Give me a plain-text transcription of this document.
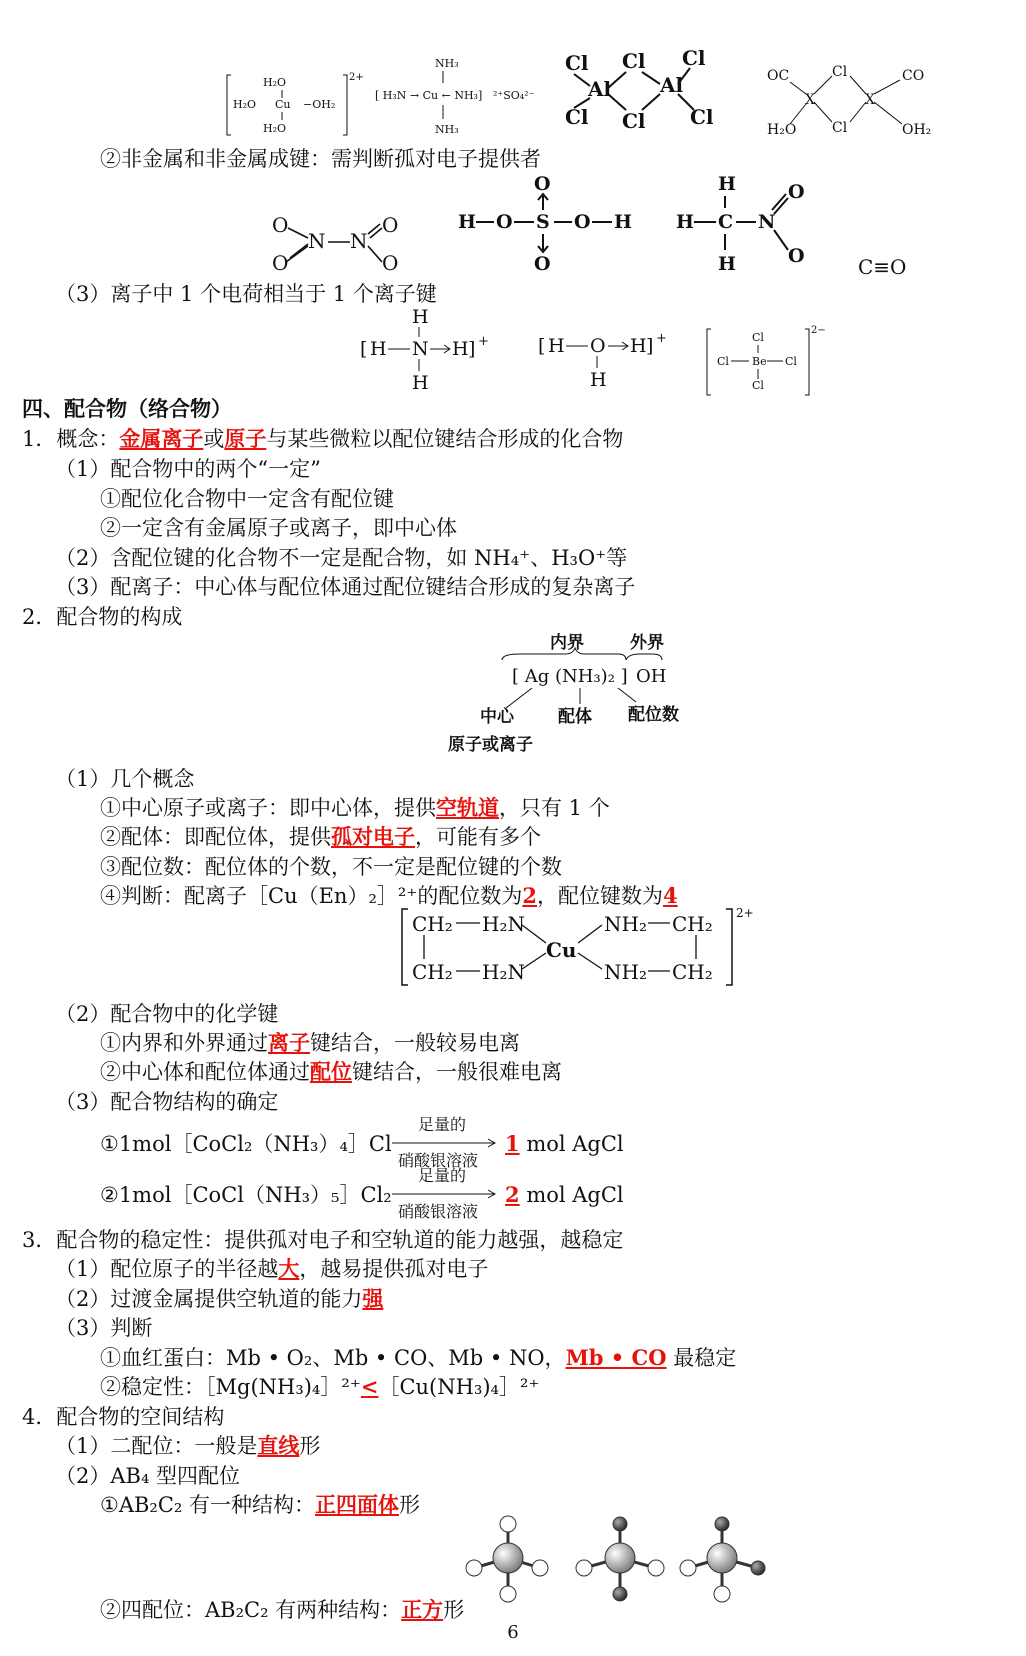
H₂O
H₂O Cu −OH₂
H₂O
2+
NH₃
[ H₃N → Cu ← NH₃] ²⁺SO₄²⁻
NH₃
Cl Cl Cl
Al Al
Cl Cl Cl
OC	Cl	CO
X	X
H₂O	Cl	OH₂
②非金属和非金属成键：需判断孤对电子提供者
O
N N
O
O	O
O
H O S O H
O
H
H C N
O
O
H	C≡O
（3）离子中 1 个电荷相当于 1 个离子键
H
[ H N H ] +
H
[ H O H ] +
H
Cl
Cl Be Cl
Cl
2−
四、配合物（络合物）
1．概念：金属离子或原子与某些微粒以配位键结合形成的化合物
（1）配合物中的两个“一定”
①配位化合物中一定含有配位键
②一定含有金属原子或离子，即中心体
（2）含配位键的化合物不一定是配合物，如 NH₄⁺、H₃O⁺等
（3）配离子：中心体与配位体通过配位键结合形成的复杂离子
2．配合物的构成
内界	外界
中心
原子或离子
配体 配位数
[ Ag (NH₃)₂ ] OH
（1）几个概念
①中心原子或离子：即中心体，提供空轨道，只有 1 个
②配体：即配位体，提供孤对电子，可能有多个
③配位数：配位体的个数，不一定是配位键的个数
④判断：配离子［Cu（En）₂］²⁺的配位数为2，配位键数为4
CH₂ H₂N
CH₂ H₂N
Cu
NH₂ CH₂
NH₂ CH₂
2+
（2）配合物中的化学键
①内界和外界通过离子键结合，一般较易电离
②中心体和配位体通过配位键结合，一般很难电离
（3）配合物结构的确定
①1mol［CoCl₂（NH₃）₄］Cl
足量的
硝酸银溶液
1 mol AgCl
②1mol［CoCl（NH₃）₅］Cl₂
足量的
硝酸银溶液
2 mol AgCl
3．配合物的稳定性：提供孤对电子和空轨道的能力越强，越稳定
（1）配位原子的半径越大，越易提供孤对电子
（2）过渡金属提供空轨道的能力强
（3）判断
①血红蛋白：Mb • O₂、Mb • CO、Mb • NO，Mb • CO 最稳定
②稳定性：［Mg(NH₃)₄］²⁺<［Cu(NH₃)₄］²⁺
4．配合物的空间结构
（1）二配位：一般是直线形
（2）AB₄ 型四配位
①AB₂C₂ 有一种结构：正四面体形
②四配位：AB₂C₂ 有两种结构：正方形
6
